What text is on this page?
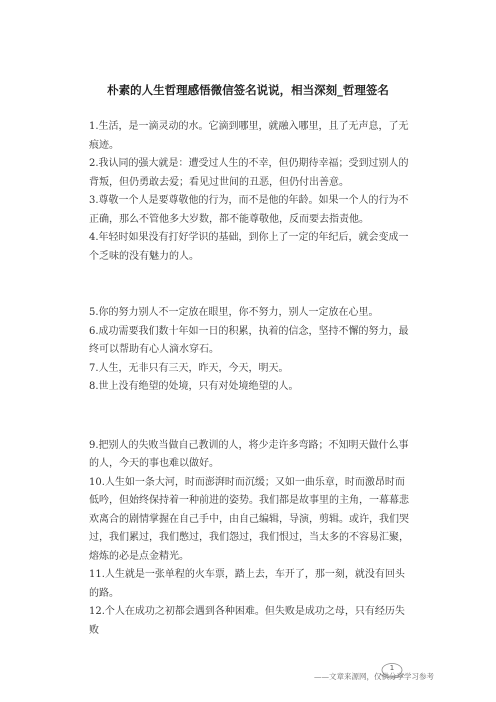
朴素的人生哲理感悟微信签名说说，相当深刻_哲理签名

1.生活，是一滴灵动的水。它滴到哪里，就融入哪里，且了无声息，了无痕迹。

2.我认同的强大就是：遭受过人生的不幸，但仍期待幸福；受到过别人的背叛，但仍勇敢去爱；看见过世间的丑恶，但仍付出善意。

3.尊敬一个人是要尊敬他的行为，而不是他的年龄。如果一个人的行为不正确，那么不管他多大岁数，都不能尊敬他，反而要去指责他。

4.年轻时如果没有打好学识的基础，到你上了一定的年纪后，就会变成一个乏味的没有魅力的人。

5.你的努力别人不一定放在眼里，你不努力，别人一定放在心里。

6.成功需要我们数十年如一日的积累，执着的信念，坚持不懈的努力，最终可以帮助有心人滴水穿石。

7.人生，无非只有三天，昨天，今天，明天。

8.世上没有绝望的处境，只有对处境绝望的人。

9.把别人的失败当做自己教训的人，将少走许多弯路；不知明天做什么事的人，今天的事也难以做好。

10.人生如一条大河，时而澎湃时而沉缓；又如一曲乐章，时而激昂时而低吟，但始终保持着一种前进的姿势。我们都是故事里的主角，一幕幕悲欢离合的剧情掌握在自己手中，由自己编辑，导演，剪辑。或许，我们哭过，我们累过，我们憋过，我们怨过，我们恨过，当太多的不容易汇聚，熔炼的必是点金精光。

11.人生就是一张单程的火车票，踏上去，车开了，那一刻，就没有回头的路。

12.个人在成功之初都会遇到各种困难。但失败是成功之母，只有经历失败

1
——文章来源网，仅供分享学习参考
